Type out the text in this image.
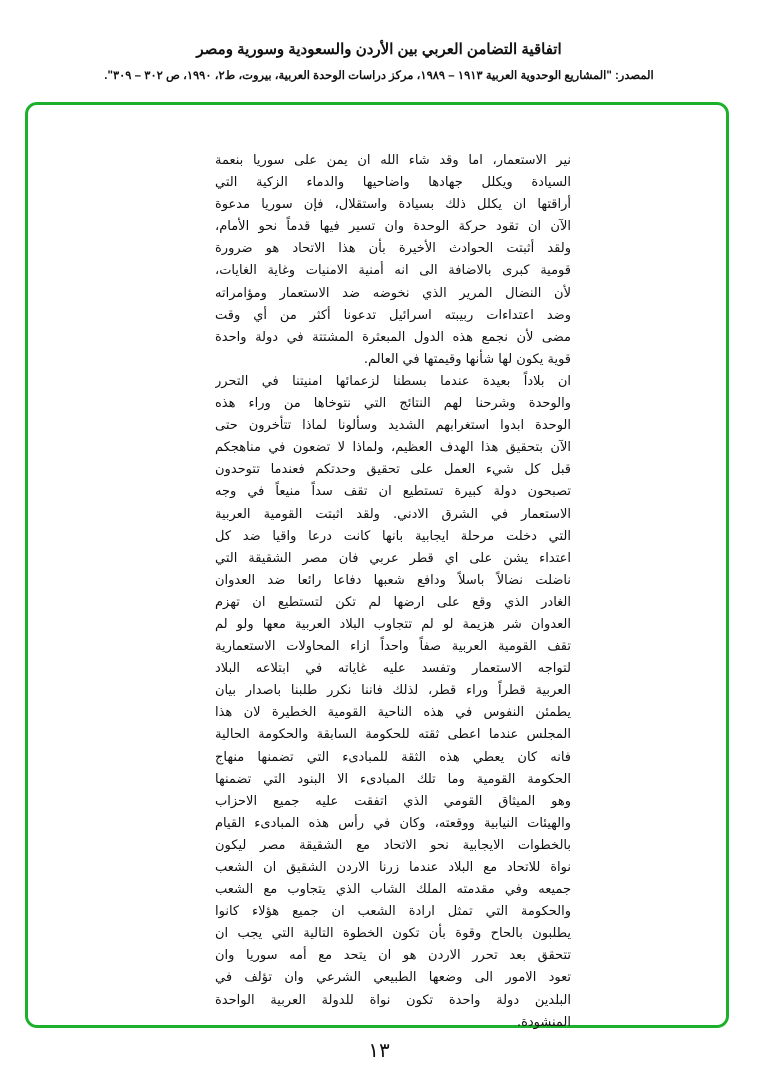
اتفاقية التضامن العربي بين الأردن والسعودية وسورية ومصر
المصدر: "المشاريع الوحدوية العربية ١٩١٣ – ١٩٨٩، مركز دراسات الوحدة العربية، بيروت، ط٢، ١٩٩٠، ص ٣٠٢ – ٣٠٩".
نير الاستعمار، اما وقد شاء الله ان يمن على سوريا بنعمة
السيادة ويكلل جهادها واضاحيها والدماء الزكية التي
أراقتها ان يكلل ذلك بسيادة واستقلال، فإن سوريا مدعوة
الآن ان تقود حركة الوحدة وان تسير فيها قدماً نحو الأمام،
ولقد أثبتت الحوادث الأخيرة بأن هذا الاتحاد هو ضرورة
قومية كبرى بالاضافة الى انه أمنية الامنيات وغاية الغايات،
لأن النضال المرير الذي نخوضه ضد الاستعمار ومؤامراته
وضد اعتداءات ربيبته اسرائيل تدعونا أكثر من أي وقت
مضى لأن نجمع هذه الدول المبعثرة المشتتة في دولة واحدة
قوية يكون لها شأنها وقيمتها في العالم.
ان بلاداً بعيدة عندما بسطنا لزعمائها امنيتنا في التحرر
والوحدة وشرحنا لهم النتائج التي نتوخاها من وراء هذه
الوحدة ابدوا استغرابهم الشديد وسألونا لماذا تتأخرون حتى
الآن بتحقيق هذا الهدف العظيم، ولماذا لا تضعون في مناهجكم
قبل كل شيء العمل على تحقيق وحدتكم فعندما تتوحدون
تصبحون دولة كبيرة تستطيع ان تقف سداً منيعاً في وجه
الاستعمار في الشرق الادني. ولقد اثبتت القومية العربية
التي دخلت مرحلة ايجابية بانها كانت درعا واقيا ضد كل
اعتداء يشن على اي قطر عربي فان مصر الشقيقة التي
ناضلت نضالاً باسلاً ودافع شعبها دفاعا رائعا ضد العدوان
الغادر الذي وقع على ارضها لم تكن لتستطيع ان تهزم
العدوان شر هزيمة لو لم تتجاوب البلاد العربية معها ولو لم
تقف القومية العربية صفاً واحداً ازاء المحاولات الاستعمارية
لتواجه الاستعمار وتفسد عليه غاياته في ابتلاعه البلاد
العربية قطراً وراء قطر، لذلك فاننا نكرر طلبنا باصدار بيان
يطمئن النفوس في هذه الناحية القومية الخطيرة لان هذا
المجلس عندما اعطى ثقته للحكومة السابقة والحكومة الحالية
فانه كان يعطي هذه الثقة للمبادىء التي تضمنها منهاج
الحكومة القومية وما تلك المبادىء الا البنود التي تضمنها
وهو الميثاق القومي الذي اتفقت عليه جميع الاحزاب
والهيئات النيابية ووقعته، وكان في رأس هذه المبادىء القيام
بالخطوات الايجابية نحو الاتحاد مع الشقيقة مصر ليكون
نواة للاتحاد مع البلاد عندما زرنا الاردن الشقيق ان الشعب
جميعه وفي مقدمته الملك الشاب الذي يتجاوب مع الشعب
والحكومة التي تمثل ارادة الشعب ان جميع هؤلاء كانوا
يطلبون بالحاح وقوة بأن تكون الخطوة التالية التي يجب ان
تتحقق بعد تحرر الاردن هو ان يتحد مع أمه سوريا وان
تعود الامور الى وضعها الطبيعي الشرعي وان تؤلف في
البلدين دولة واحدة تكون نواة للدولة العربية الواحدة
المنشودة.
١٣
